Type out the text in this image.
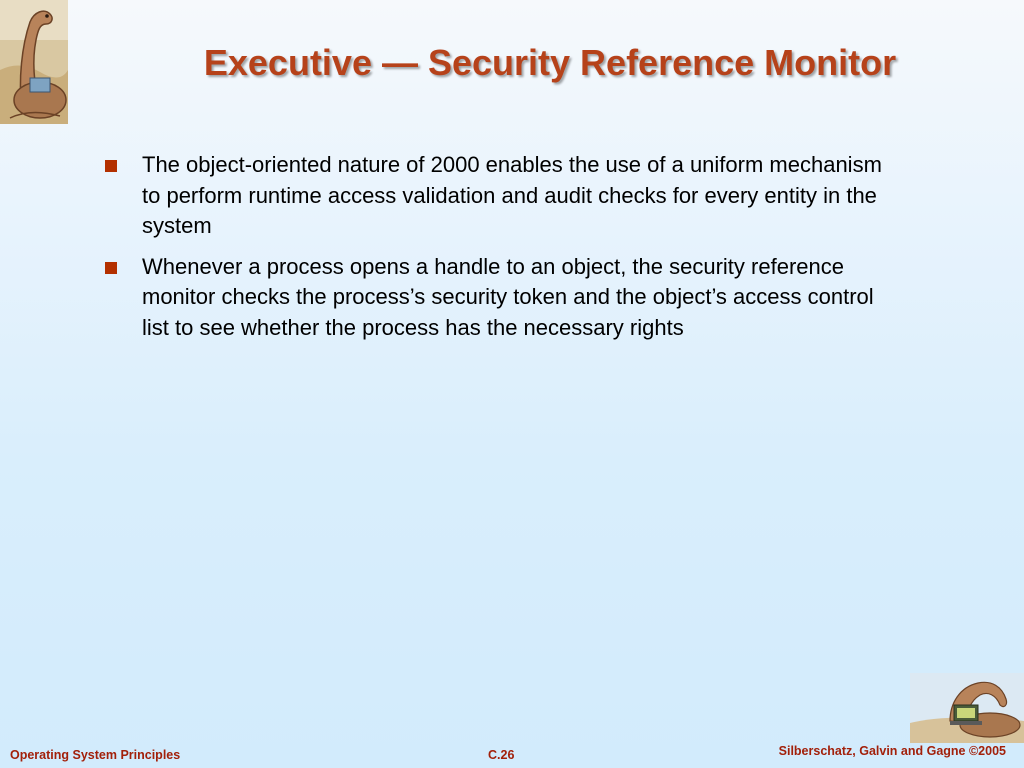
Executive — Security Reference Monitor
The object-oriented nature of 2000 enables the use of a uniform mechanism to perform runtime access validation and audit checks for every entity in the system
Whenever a process opens a handle to an object, the security reference monitor checks the process’s security token and the object’s access control list to see whether the process has the necessary rights
Operating System Principles	C.26	Silberschatz, Galvin and Gagne ©2005
